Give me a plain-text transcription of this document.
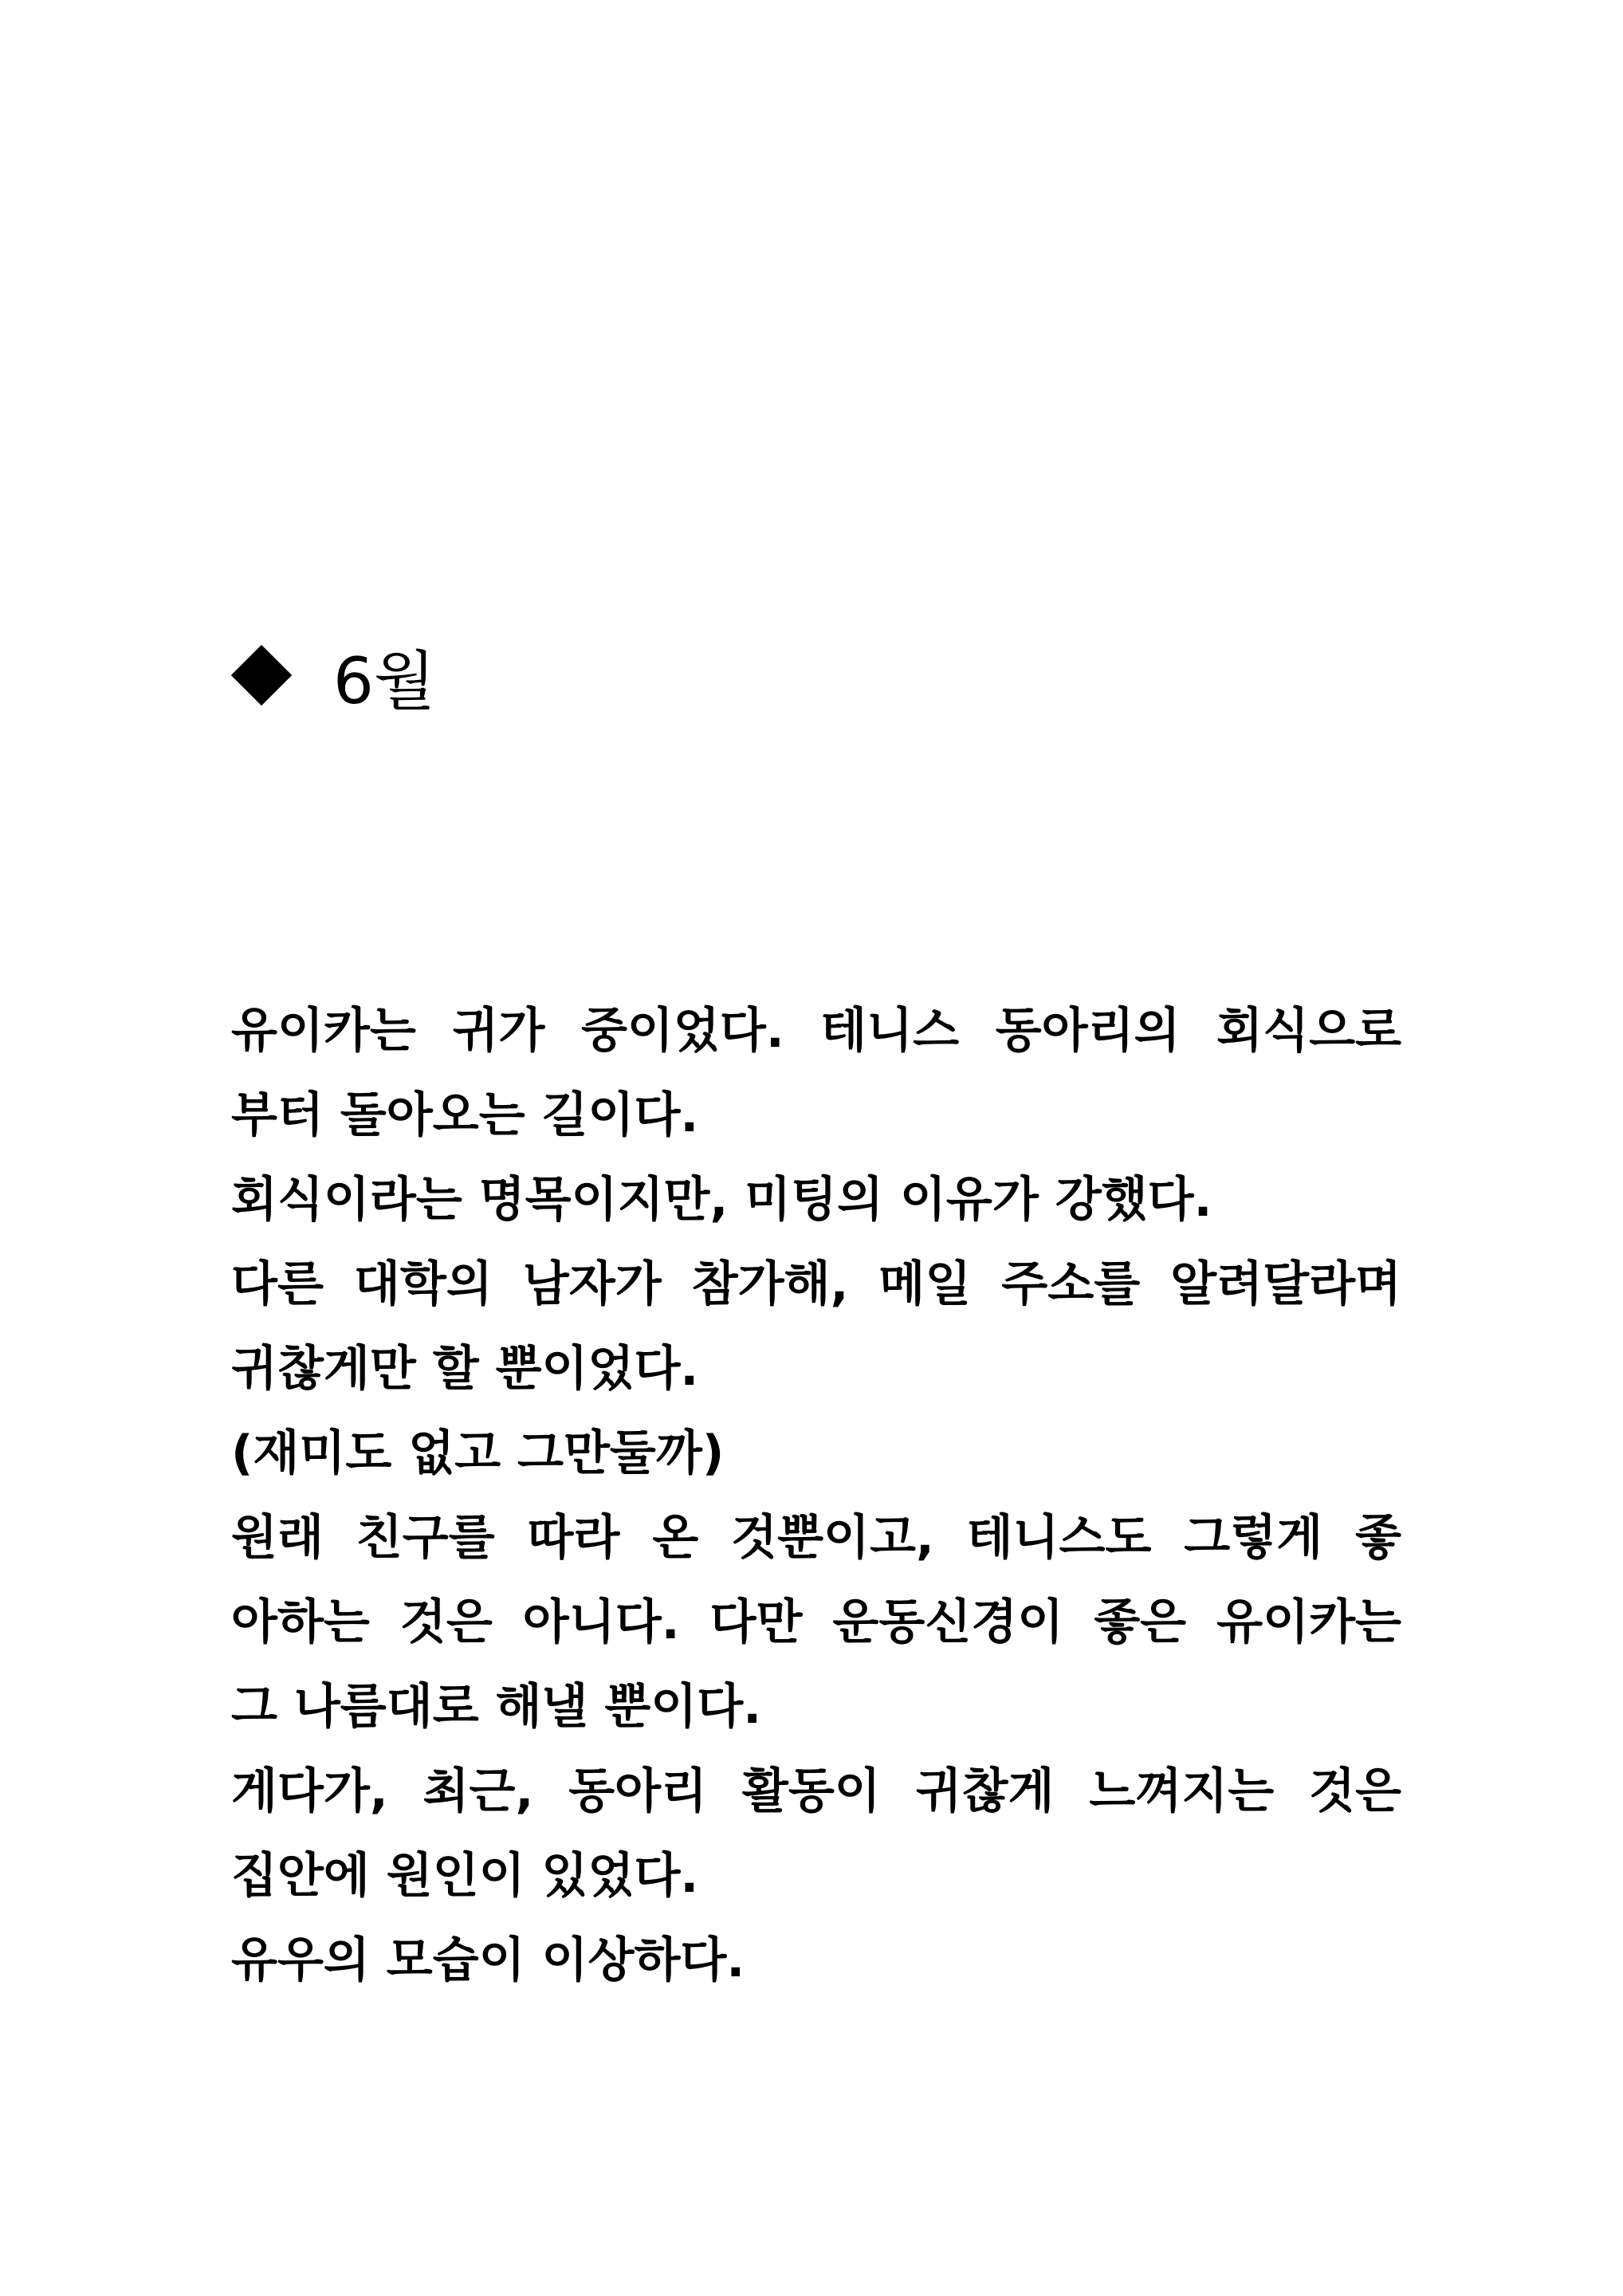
6월
유이카는 귀가 중이었다. 테니스 동아리의 회식으로
부터 돌아오는 길이다.
회식이라는 명목이지만, 미팅의 이유가 강했다.
다른 대학의 남자가 참가해, 메일 주소를 알려달라며
귀찮게만 할 뿐이었다.
(재미도 없고 그만둘까)
원래 친구를 따라 온 것뿐이고, 테니스도 그렇게 좋
아하는 것은 아니다. 다만 운동신경이 좋은 유이카는
그 나름대로 해낼 뿐이다.
게다가, 최근, 동아리 활동이 귀찮게 느껴지는 것은
집안에 원인이 있었다.
유우의 모습이 이상하다.
